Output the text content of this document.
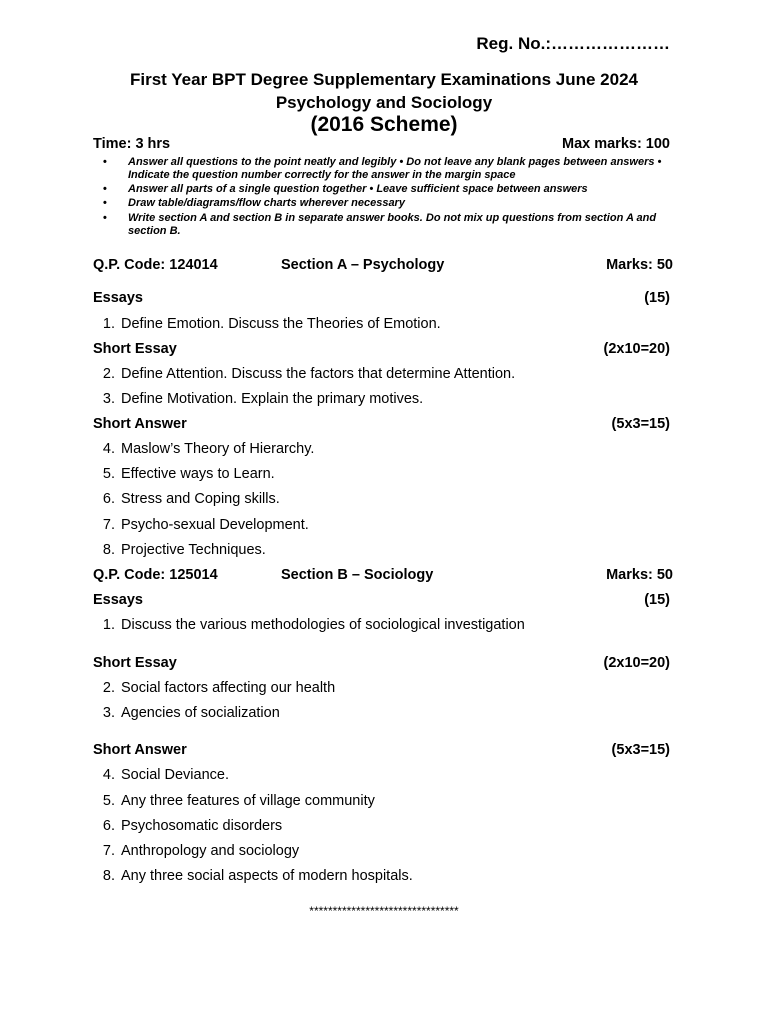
Reg. No.:…………………
First Year BPT Degree Supplementary Examinations June 2024
Psychology and Sociology
(2016 Scheme)
Time: 3 hrs	Max marks: 100
• Answer all questions to the point neatly and legibly • Do not leave any blank pages between answers • Indicate the question number correctly for the answer in the margin space
• Answer all parts of a single question together • Leave sufficient space between answers
• Draw table/diagrams/flow charts wherever necessary
• Write section A and section B in separate answer books. Do not mix up questions from section A and section B.
Q.P. Code: 124014	Section A – Psychology	Marks: 50
Essays	(15)
1. Define Emotion. Discuss the Theories of Emotion.
Short Essay	(2x10=20)
2. Define Attention. Discuss the factors that determine Attention.
3. Define Motivation. Explain the primary motives.
Short Answer	(5x3=15)
4. Maslow’s Theory of Hierarchy.
5. Effective ways to Learn.
6. Stress and Coping skills.
7. Psycho-sexual Development.
8. Projective Techniques.
Q.P. Code: 125014	Section B – Sociology	Marks: 50
Essays	(15)
1. Discuss the various methodologies of sociological investigation
Short Essay	(2x10=20)
2. Social factors affecting our health
3. Agencies of socialization
Short Answer	(5x3=15)
4. Social Deviance.
5. Any three features of village community
6. Psychosomatic disorders
7. Anthropology and sociology
8. Any three social aspects of modern hospitals.
********************************
